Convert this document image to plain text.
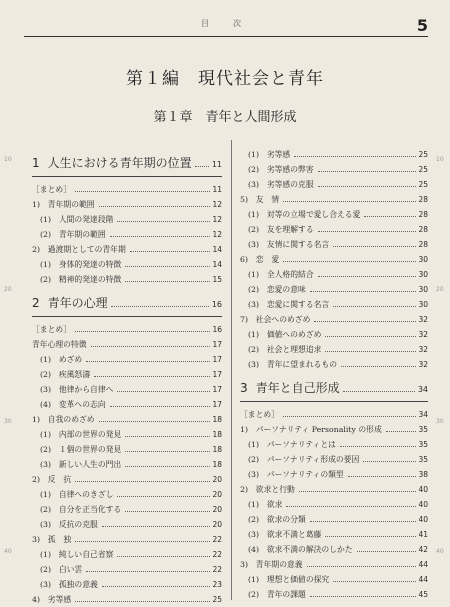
目　次	5
第１編　現代社会と青年
第１章　青年と人間形成
10
20
30
40
10
20
30
40
1 人生における青年期の位置	11
［まとめ］	11
1)　青年期の範囲	12
(1)　人間の発達段階	12
(2)　青年期の範囲	12
2)　過渡期としての青年期	14
(1)　身体的発達の特徴	14
(2)　精神的発達の特徴	15
2 青年の心理	16
［まとめ］	16
青年心理の特徴	17
(1)　めざめ	17
(2)　疾風怒濤	17
(3)　他律から自律へ	17
(4)　変革への志向	17
1)　自我のめざめ	18
(1)　内部の世界の発見	18
(2)　１個の世界の発見	18
(3)　新しい人生の門出	18
2)　反　抗	20
(1)　自律へのきざし	20
(2)　自分を正当化する	20
(3)　反抗の克服	20
3)　孤　独	22
(1)　純しい自己省察	22
(2)　白い雲	22
(3)　孤独の意義	23
4)　劣等感	25
(1)　劣等感	25
(2)　劣等感の弊害	25
(3)　劣等感の克服	25
5)　友　情	28
(1)　対等の立場で愛し合える愛	28
(2)　友を理解する	28
(3)　友情に関する名言	28
6)　恋　愛	30
(1)　全人格的結合	30
(2)　恋愛の意味	30
(3)　恋愛に関する名言	30
7)　社会へのめざめ	32
(1)　価値へのめざめ	32
(2)　社会と理想追求	32
(3)　青年に望まれるもの	32
3 青年と自己形成	34
［まとめ］	34
1)　パーソナリティ Personality の形成	35
(1)　パーソナリティとは	35
(2)　パーソナリティ形成の要因	35
(3)　パーソナリティの類型	38
2)　欲求と行動	40
(1)　欲求	40
(2)　欲求の分類	40
(3)　欲求不満と葛藤	41
(4)　欲求不満の解決のしかた	42
3)　青年期の意義	44
(1)　理想と価値の探究	44
(2)　青年の課題	45
